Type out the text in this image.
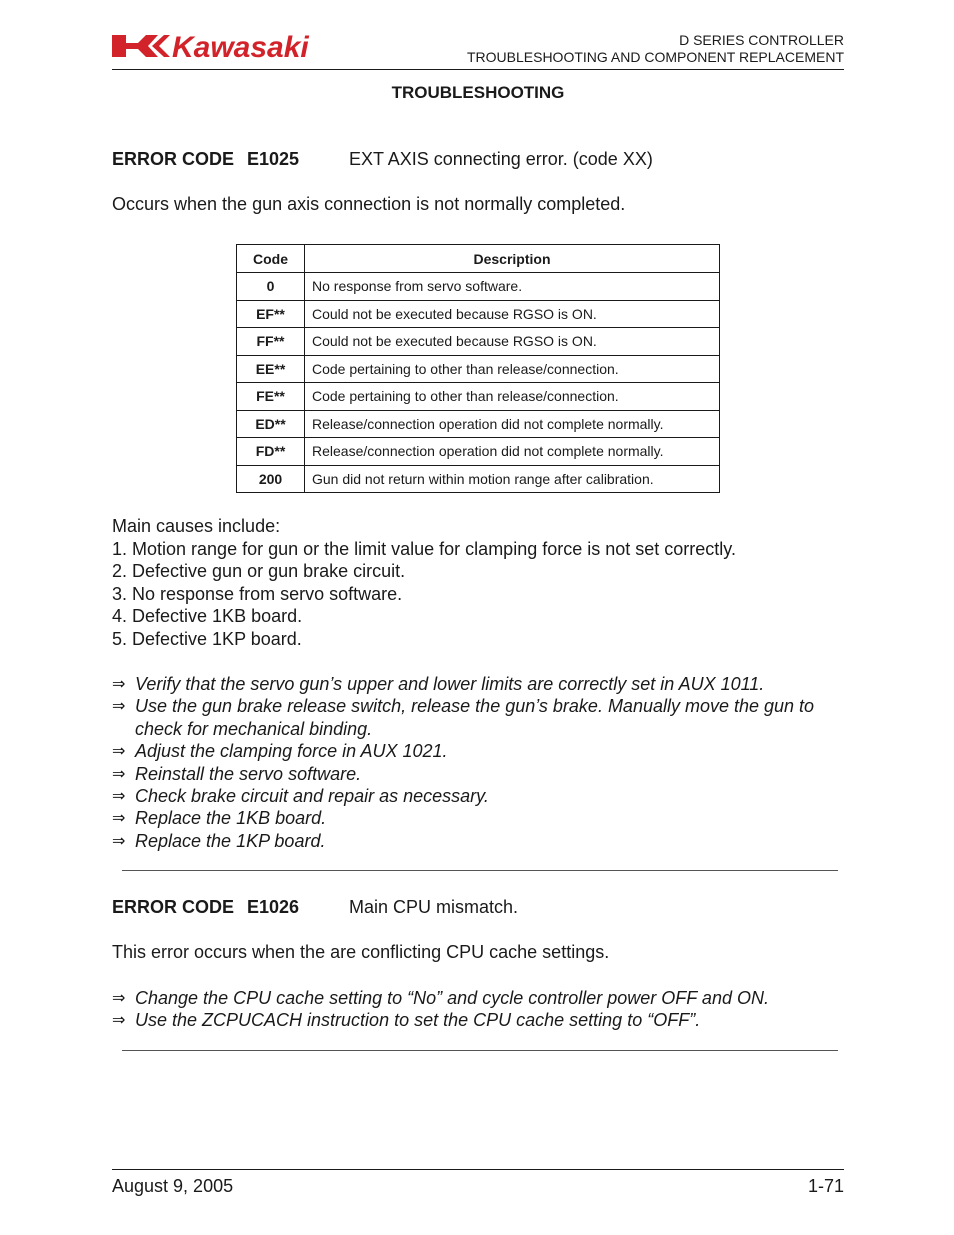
Kawasaki	D SERIES CONTROLLER
TROUBLESHOOTING AND COMPONENT REPLACEMENT
TROUBLESHOOTING
ERROR CODE E1025	EXT AXIS connecting error. (code XX)
Occurs when the gun axis connection is not normally completed.
Code	Description
0	No response from servo software.
EF**	Could not be executed because RGSO is ON.
FF**	Could not be executed because RGSO is ON.
EE**	Code pertaining to other than release/connection.
FE**	Code pertaining to other than release/connection.
ED**	Release/connection operation did not complete normally.
FD**	Release/connection operation did not complete normally.
200	Gun did not return within motion range after calibration.
Main causes include:
1. Motion range for gun or the limit value for clamping force is not set correctly.
2. Defective gun or gun brake circuit.
3. No response from servo software.
4. Defective 1KB board.
5. Defective 1KP board.
⇒ Verify that the servo gun’s upper and lower limits are correctly set in AUX 1011.
⇒ Use the gun brake release switch, release the gun’s brake. Manually move the gun to
check for mechanical binding.
⇒ Adjust the clamping force in AUX 1021.
⇒ Reinstall the servo software.
⇒ Check brake circuit and repair as necessary.
⇒ Replace the 1KB board.
⇒ Replace the 1KP board.
ERROR CODE E1026	Main CPU mismatch.
This error occurs when the are conflicting CPU cache settings.
⇒ Change the CPU cache setting to “No” and cycle controller power OFF and ON.
⇒ Use the ZCPUCACH instruction to set the CPU cache setting to “OFF”.
August 9, 2005	1-71
